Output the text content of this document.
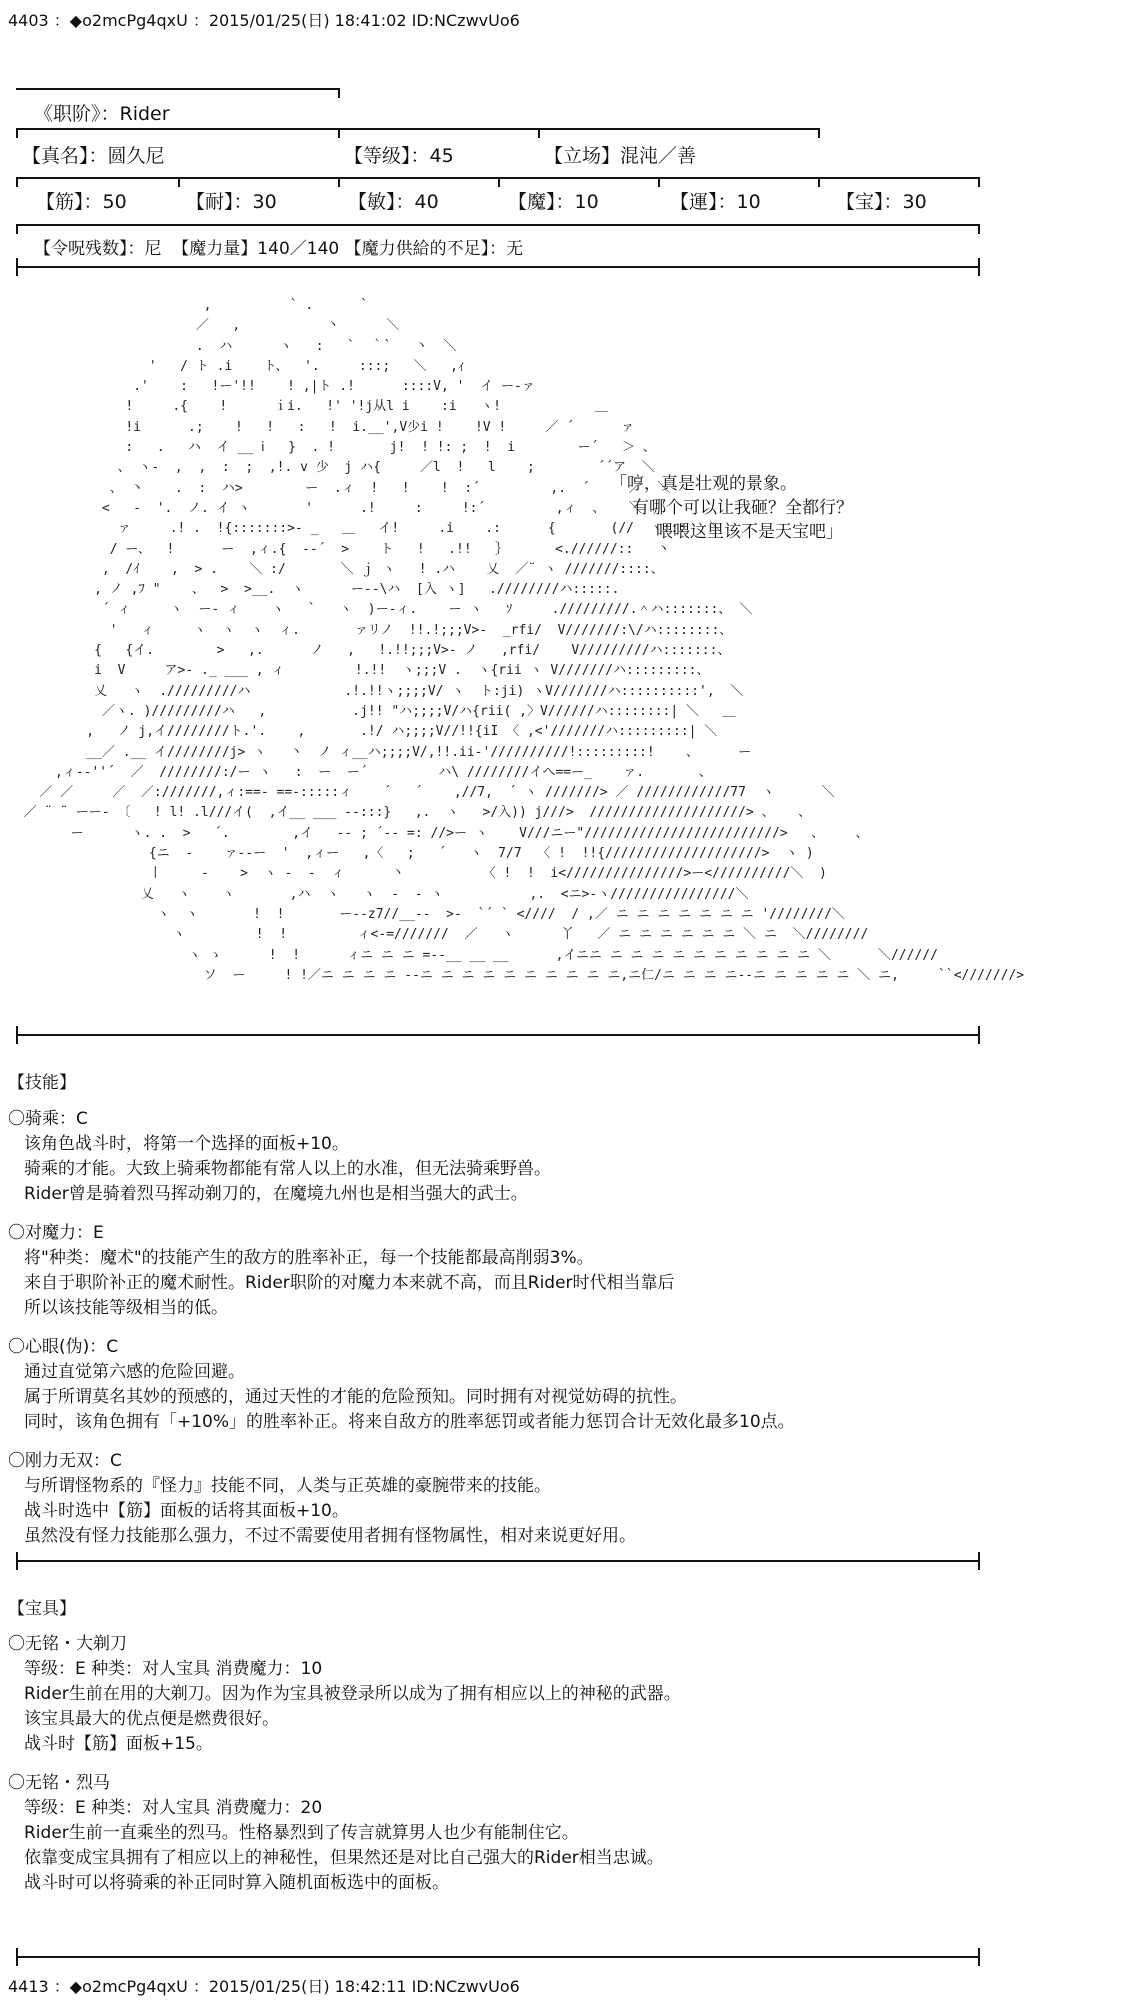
4403 ：◆o2mcPg4qxU ：2015/01/25(日) 18:41:02 ID:NCzwvUo6
《职阶》：Rider
【真名】：圆久尼	【等级】：45	【立场】混沌／善
【筋】：50	【耐】：30	【敏】：40	【魔】：10	【運】：10	【宝】：30
【令呪残数】：尼  【魔力量】140／140 【魔力供給的不足】：无
,          ` .      `
／   ,           丶      ＼
.  ハ      ヽ   :   `  ｀`   丶  ＼
'   / ト .i    ト、  '.     :::;   ＼   ,ｨ
.'    :   !ー'!!    ! ,|ト .!      ::::V, '  イ ー‐ァ
!     .{    !      ｉi.   !' '!j从l i    :i   ヽ!            ＿
!i      .;    !   !   :   !  i.__',V少i !    !V !     ／ ´      ァ
:   .   ハ  イ __ ⅰ   }  . !       j!  ! !: ;  !  i        ー´   ＞ 、
、 ヽ-  ,  ,  :  ;  ,!. v 少  j ハ{     ／l  !   l    ;        ´´ア  ＼
、 丶    .  :  ハ>        ー  .ィ  !   !    !  :´         ,.  ´     ／  ＼
<   -  '.  ノ. イ ヽ       '      .!     :     !:´         ,ィ  、   ＼
ァ     .! .  !{:::::::>- _   ＿   イ!     .i    .:      {       (//  ヽ:::   ＼
/ ー、  !      ー  ,ィ.{  --´  >    ト   !   .!!   ｝      <.//////::   丶
,  /ｲ    ,  > .    ＼ :/       ＼ ｊ ヽ   ! .ハ    乂  ／¨ ヽ ///////::::、
, ノ ,ﾌ "    、  >  >__.  ヽ      ー--\ハ  [入 ヽ]   .////////ハ:::::.
´ ィ     ヽ  ー- ィ    ヽ   `   ヽ  )ー-ィ.    ー ヽ   ｿ     ./////////.＾ハ:::::::、 ＼
'   ィ     ヽ  ヽ  ヽ  ィ.       ァリノ  !!.!;;;V>-  _rfi/  V///////:\/ハ::::::::、
{   {イ.        >   ,.      ノ   ,   !.!!;;;V>- ノ   ,rfi/    V/////////ハ:::::::、
i  V     ア>- ._ ___ , ィ         !.!!  ヽ;;;V .  ヽ{rii ヽ V///////ハ:::::::::、
乂   ヽ  ./////////ハ            .!.!!ヽ;;;;V/ ヽ  ト:ji) ヽV///////ハ::::::::::',  ＼
／ヽ. )/////////ハ   ,           .j!! "ハ;;;;V/ハ{rii( ,〉V//////ハ::::::::| ＼   ＿
,   ノ j,イ////////ト.'.    ,       .!/ ハ;;;;V//!!{iI 〈 ,<'///////ハ:::::::::| ＼
__／ .__ イ////////j> ヽ   丶  ノ ィ__ハ;;;;V/,!!.ii-'//////////!:::::::::!    、     ー
,ィ-‐''´  ／  ////////:/ー ヽ   :  ー  ー´         ハ\ ////////イへ==ー_    ァ.       、
／ ／     ／  ／:///////,ィ:==‐ ==-:::::ィ    ´   ´    ,//7,  ´ ヽ ///////> ／ ////////////77  ヽ      ＼
／ ¨ ¨ ーー- 〔   ! l! .l///イ(  ,イ__ ___ --:::}   ,.  ヽ   >/入)) j///>  ////////////////////> 、   、
ー      ヽ. .  >   ´.        ,イ   -- ; ´-- =: //>ー ヽ    V///ニー"/////////////////////////>   、    、
{ニ  ‐    ァ--ー  '  ,ィー   ,〈   ;   ´   ヽ  7/7  〈 !  !!{////////////////////>  ヽ )
丨     -    >  ヽ -  ‐  ィ      丶          〈 !  !  i<///////////////>ー<//////////＼  )
乂   ヽ    ヽ       ,ハ  ヽ   ヽ  -  - ヽ           ,.  <ニ>-ヽ////////////////＼
ヽ  ヽ       !  !       ー--z7//__--  >-  `´ ` <////  / ,／ ニ ニ ニ ニ ニ ニ ニ '////////＼
ヽ         !  !         ィ<-=///////  ／   ヽ      丫   ／ ニ ニ ニ ニ ニ ニ ＼ ニ  ＼////////
ヽ ゝ      !  !      ィニ ニ ニ =--__ __ __      ,イニニ ニ ニ ニ ニ ニ ニ ニ ニ ニ ニ ＼      ＼//////
ソ  ー     ! !／ニ ニ ニ ニ --ニ ニ ニ ニ ニ ニ ニ ニ ニ ニ,ニ仁/ニ ニ ニ ニ--ニ ニ ニ ニ ニ ＼ ニ,     ``<///////>
「哼，真是壮观的景象。
有哪个可以让我砸？全都行？
喂喂这里该不是天宝吧」
【技能】
〇骑乘：C
该角色战斗时，将第一个选择的面板+10。
骑乘的才能。大致上骑乘物都能有常人以上的水准，但无法骑乘野兽。
Rider曾是骑着烈马挥动剃刀的，在魔境九州也是相当强大的武士。
〇对魔力：E
将"种类：魔术"的技能产生的敌方的胜率补正，每一个技能都最高削弱3%。
来自于职阶补正的魔术耐性。Rider职阶的对魔力本来就不高，而且Rider时代相当靠后
所以该技能等级相当的低。
〇心眼(伪)：C
通过直觉第六感的危险回避。
属于所谓莫名其妙的预感的，通过天性的才能的危险预知。同时拥有对视觉妨碍的抗性。
同时，该角色拥有「+10%」的胜率补正。将来自敌方的胜率惩罚或者能力惩罚合计无效化最多10点。
〇刚力无双：C
与所谓怪物系的『怪力』技能不同，人类与正英雄的豪腕带来的技能。
战斗时选中【筋】面板的话将其面板+10。
虽然没有怪力技能那么强力，不过不需要使用者拥有怪物属性，相对来说更好用。
【宝具】
〇无铭・大剃刀
等级：E 种类：对人宝具 消费魔力：10
Rider生前在用的大剃刀。因为作为宝具被登录所以成为了拥有相应以上的神秘的武器。
该宝具最大的优点便是燃费很好。
战斗时【筋】面板+15。
〇无铭・烈马
等级：E 种类：对人宝具 消费魔力：20
Rider生前一直乘坐的烈马。性格暴烈到了传言就算男人也少有能制住它。
依靠变成宝具拥有了相应以上的神秘性，但果然还是对比自己强大的Rider相当忠诚。
战斗时可以将骑乘的补正同时算入随机面板选中的面板。
4413 ：◆o2mcPg4qxU ：2015/01/25(日) 18:42:11 ID:NCzwvUo6
